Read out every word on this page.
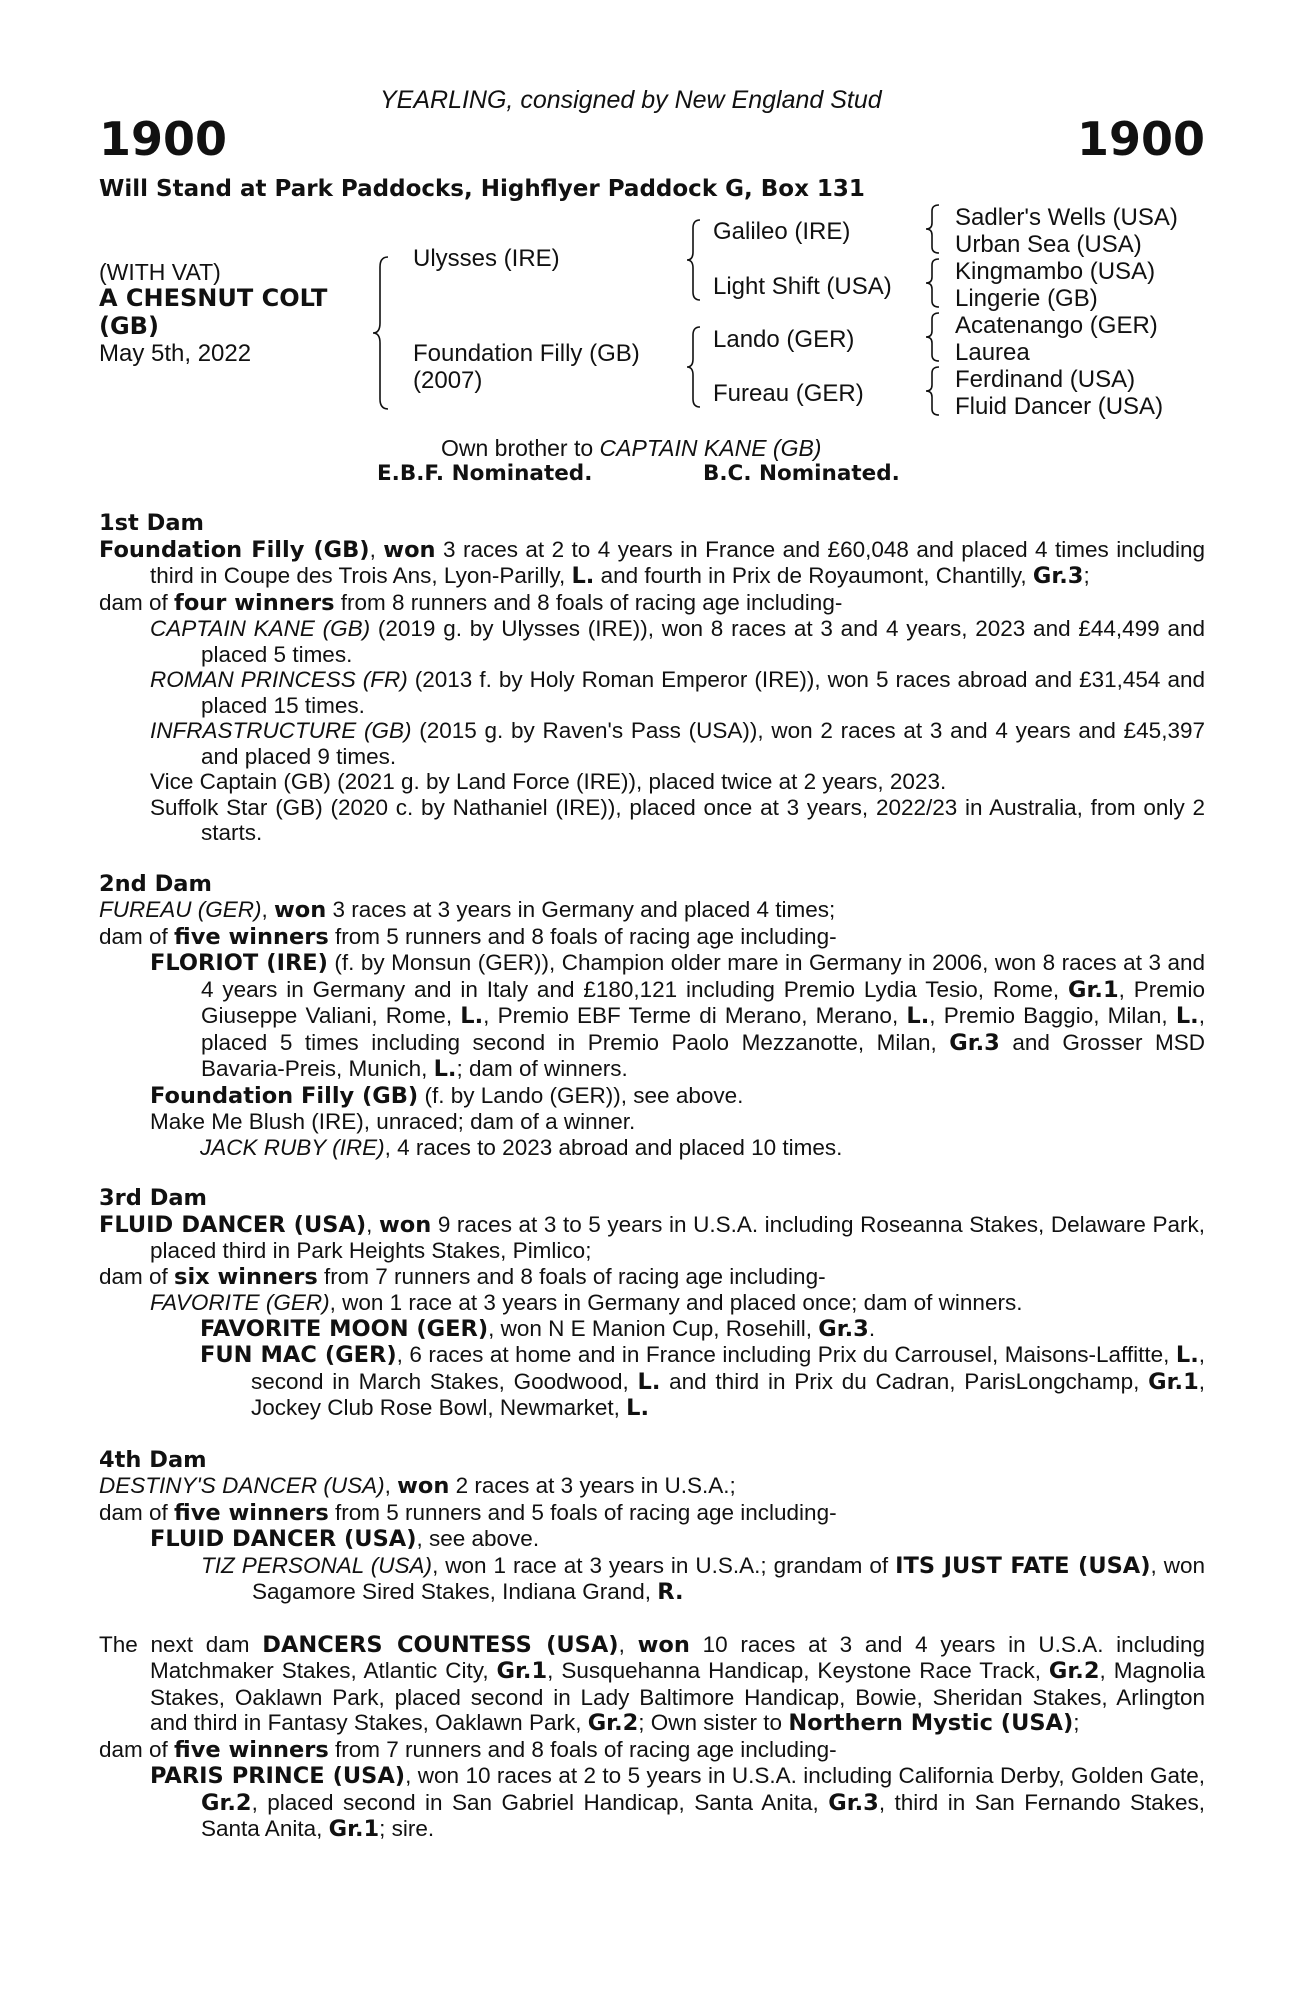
YEARLING, consigned by New England Stud
1900	1900
Will Stand at Park Paddocks, Highflyer Paddock G, Box 131
(WITH VAT)
A CHESNUT COLT
(GB)
May 5th, 2022
Ulysses (IRE)
Foundation Filly (GB)
(2007)
Galileo (IRE)
Light Shift (USA)
Lando (GER)
Fureau (GER)
Sadler's Wells (USA)
Urban Sea (USA)
Kingmambo (USA)
Lingerie (GB)
Acatenango (GER)
Laurea
Ferdinand (USA)
Fluid Dancer (USA)
Own brother to CAPTAIN KANE (GB)
E.B.F. Nominated.	B.C. Nominated.

1st Dam

Foundation Filly (GB), won 3 races at 2 to 4 years in France and £60,048 and placed 4 times including third in Coupe des Trois Ans, Lyon-Parilly, L. and fourth in Prix de Royaumont, Chantilly, Gr.3;

dam of four winners from 8 runners and 8 foals of racing age including-

CAPTAIN KANE (GB) (2019 g. by Ulysses (IRE)), won 8 races at 3 and 4 years, 2023 and £44,499 and placed 5 times.

ROMAN PRINCESS (FR) (2013 f. by Holy Roman Emperor (IRE)), won 5 races abroad and £31,454 and placed 15 times.

INFRASTRUCTURE (GB) (2015 g. by Raven's Pass (USA)), won 2 races at 3 and 4 years and £45,397 and placed 9 times.

Vice Captain (GB) (2021 g. by Land Force (IRE)), placed twice at 2 years, 2023.

Suffolk Star (GB) (2020 c. by Nathaniel (IRE)), placed once at 3 years, 2022/23 in Australia, from only 2 starts.

2nd Dam

FUREAU (GER), won 3 races at 3 years in Germany and placed 4 times;

dam of five winners from 5 runners and 8 foals of racing age including-

FLORIOT (IRE) (f. by Monsun (GER)), Champion older mare in Germany in 2006, won 8 races at 3 and 4 years in Germany and in Italy and £180,121 including Premio Lydia Tesio, Rome, Gr.1, Premio Giuseppe Valiani, Rome, L., Premio EBF Terme di Merano, Merano, L., Premio Baggio, Milan, L., placed 5 times including second in Premio Paolo Mezzanotte, Milan, Gr.3 and Grosser MSD Bavaria-Preis, Munich, L.; dam of winners.

Foundation Filly (GB) (f. by Lando (GER)), see above.

Make Me Blush (IRE), unraced; dam of a winner.

JACK RUBY (IRE), 4 races to 2023 abroad and placed 10 times.

3rd Dam

FLUID DANCER (USA), won 9 races at 3 to 5 years in U.S.A. including Roseanna Stakes, Delaware Park, placed third in Park Heights Stakes, Pimlico;

dam of six winners from 7 runners and 8 foals of racing age including-

FAVORITE (GER), won 1 race at 3 years in Germany and placed once; dam of winners.

FAVORITE MOON (GER), won N E Manion Cup, Rosehill, Gr.3.

FUN MAC (GER), 6 races at home and in France including Prix du Carrousel, Maisons-Laffitte, L., second in March Stakes, Goodwood, L. and third in Prix du Cadran, ParisLongchamp, Gr.1, Jockey Club Rose Bowl, Newmarket, L.

4th Dam

DESTINY'S DANCER (USA), won 2 races at 3 years in U.S.A.;

dam of five winners from 5 runners and 5 foals of racing age including-

FLUID DANCER (USA), see above.

TIZ PERSONAL (USA), won 1 race at 3 years in U.S.A.; grandam of ITS JUST FATE (USA), won Sagamore Sired Stakes, Indiana Grand, R.

The next dam DANCERS COUNTESS (USA), won 10 races at 3 and 4 years in U.S.A. including Matchmaker Stakes, Atlantic City, Gr.1, Susquehanna Handicap, Keystone Race Track, Gr.2, Magnolia Stakes, Oaklawn Park, placed second in Lady Baltimore Handicap, Bowie, Sheridan Stakes, Arlington and third in Fantasy Stakes, Oaklawn Park, Gr.2; Own sister to Northern Mystic (USA);

dam of five winners from 7 runners and 8 foals of racing age including-

PARIS PRINCE (USA), won 10 races at 2 to 5 years in U.S.A. including California Derby, Golden Gate, Gr.2, placed second in San Gabriel Handicap, Santa Anita, Gr.3, third in San Fernando Stakes, Santa Anita, Gr.1; sire.
